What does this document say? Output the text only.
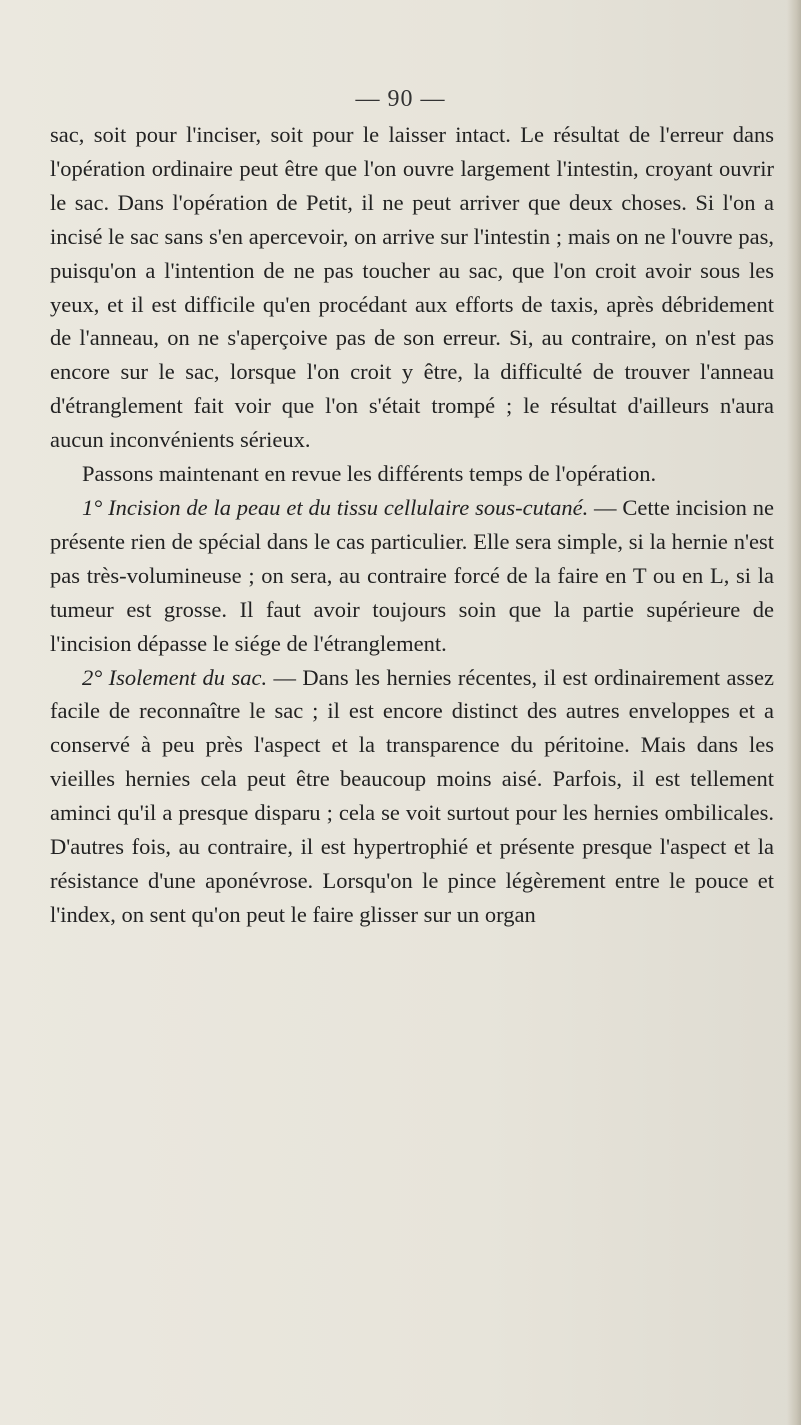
— 90 —

sac, soit pour l'inciser, soit pour le laisser intact. Le résultat de l'erreur dans l'opération ordinaire peut être que l'on ouvre largement l'intestin, croyant ouvrir le sac. Dans l'opération de Petit, il ne peut arriver que deux choses. Si l'on a incisé le sac sans s'en apercevoir, on arrive sur l'intestin ; mais on ne l'ouvre pas, puisqu'on a l'intention de ne pas toucher au sac, que l'on croit avoir sous les yeux, et il est difficile qu'en procédant aux efforts de taxis, après débridement de l'anneau, on ne s'aperçoive pas de son erreur. Si, au contraire, on n'est pas encore sur le sac, lorsque l'on croit y être, la difficulté de trouver l'anneau d'étranglement fait voir que l'on s'était trompé ; le résultat d'ailleurs n'aura aucun inconvénients sérieux.

Passons maintenant en revue les différents temps de l'opération.

1° Incision de la peau et du tissu cellulaire sous-cutané. — Cette incision ne présente rien de spécial dans le cas particulier. Elle sera simple, si la hernie n'est pas très-volumineuse ; on sera, au contraire forcé de la faire en T ou en L, si la tumeur est grosse. Il faut avoir toujours soin que la partie supérieure de l'incision dépasse le siége de l'étranglement.

2° Isolement du sac. — Dans les hernies récentes, il est ordinairement assez facile de reconnaître le sac ; il est encore distinct des autres enveloppes et a conservé à peu près l'aspect et la transparence du péritoine. Mais dans les vieilles hernies cela peut être beaucoup moins aisé. Parfois, il est tellement aminci qu'il a presque disparu ; cela se voit surtout pour les hernies ombilicales. D'autres fois, au contraire, il est hypertrophié et présente presque l'aspect et la résistance d'une aponévrose. Lorsqu'on le pince légèrement entre le pouce et l'index, on sent qu'on peut le faire glisser sur un organ
